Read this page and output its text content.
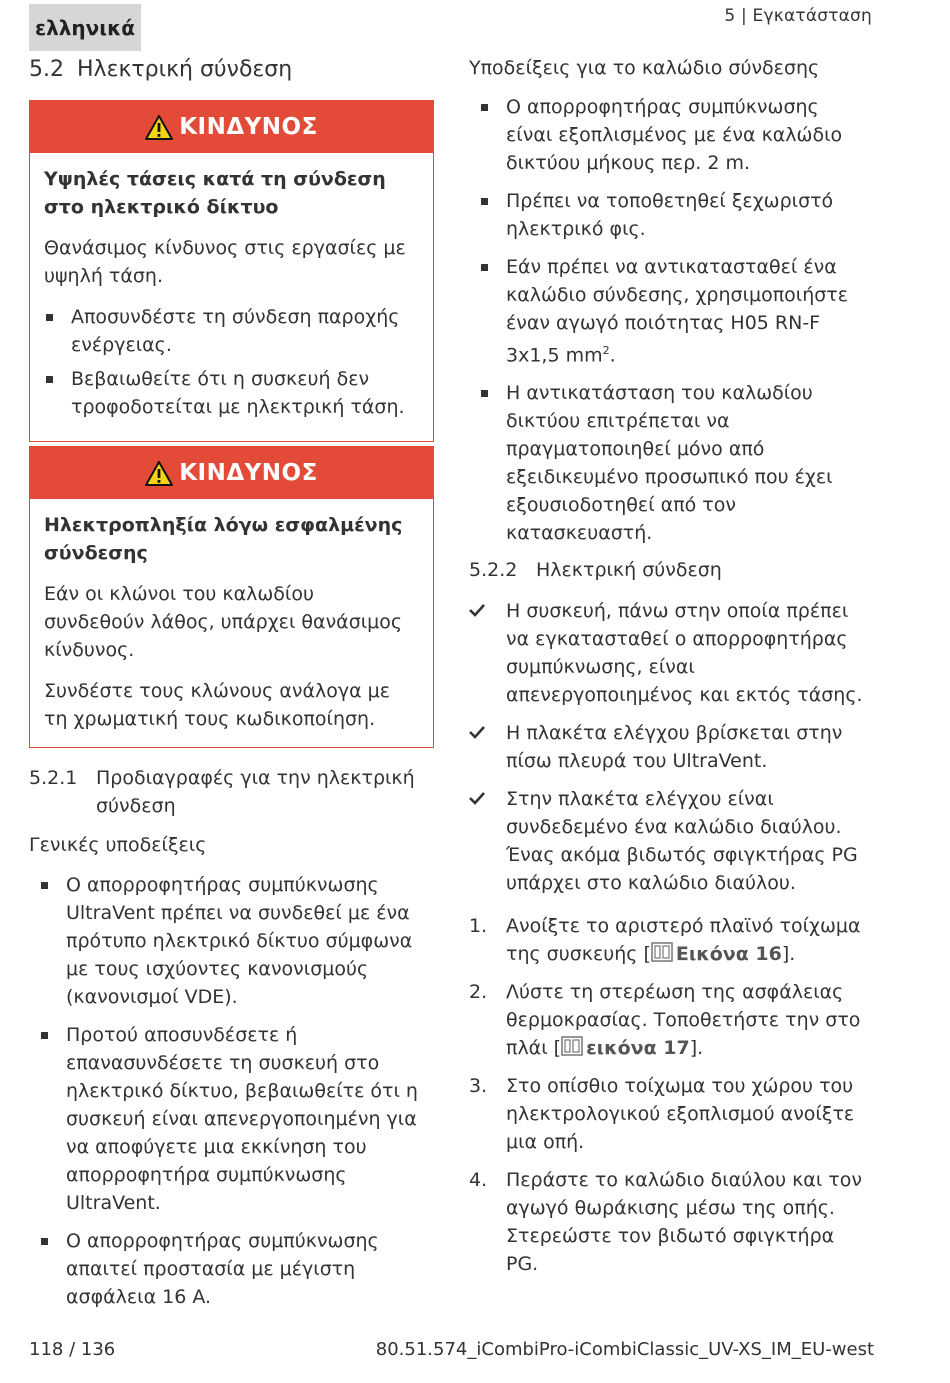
ελληνικά	5 | Εγκατάσταση
5.2 Ηλεκτρική σύνδεση
ΚΙΝΔΥΝΟΣ
Υψηλές τάσεις κατά τη σύνδεση στο ηλεκτρικό δίκτυο

Θανάσιμος κίνδυνος στις εργασίες με υψηλή τάση.

Αποσυνδέστε τη σύνδεση παροχής ενέργειας.
Βεβαιωθείτε ότι η συσκευή δεν τροφοδοτείται με ηλεκτρική τάση.
ΚΙΝΔΥΝΟΣ
Ηλεκτροπληξία λόγω εσφαλμένης σύνδεσης

Εάν οι κλώνοι του καλωδίου συνδεθούν λάθος, υπάρχει θανάσιμος κίνδυνος.

Συνδέστε τους κλώνους ανάλογα με τη χρωματική τους κωδικοποίηση.

5.2.1 Προδιαγραφές για την ηλεκτρική σύνδεση
Γενικές υποδείξεις
Ο απορροφητήρας συμπύκνωσης UltraVent πρέπει να συνδεθεί με ένα πρότυπο ηλεκτρικό δίκτυο σύμφωνα με τους ισχύοντες κανονισμούς (κανονισμοί VDE).
Προτού αποσυνδέσετε ή επανασυνδέσετε τη συσκευή στο ηλεκτρικό δίκτυο, βεβαιωθείτε ότι η συσκευή είναι απενεργοποιημένη για να αποφύγετε μια εκκίνηση του απορροφητήρα συμπύκνωσης UltraVent.
Ο απορροφητήρας συμπύκνωσης απαιτεί προστασία με μέγιστη ασφάλεια 16 A.
Υποδείξεις για το καλώδιο σύνδεσης
Ο απορροφητήρας συμπύκνωσης είναι εξοπλισμένος με ένα καλώδιο δικτύου μήκους περ. 2 m.
Πρέπει να τοποθετηθεί ξεχωριστό ηλεκτρικό φις.
Εάν πρέπει να αντικατασταθεί ένα καλώδιο σύνδεσης, χρησιμοποιήστε έναν αγωγό ποιότητας H05 RN-F 3x1,5 $mm^2$.
Η αντικατάσταση του καλωδίου δικτύου επιτρέπεται να πραγματοποιηθεί μόνο από εξειδικευμένο προσωπικό που έχει εξουσιοδοτηθεί από τον κατασκευαστή.
5.2.2 Ηλεκτρική σύνδεση
Η συσκευή, πάνω στην οποία πρέπει να εγκατασταθεί ο απορροφητήρας συμπύκνωσης, είναι απενεργοποιημένος και εκτός τάσης.
Η πλακέτα ελέγχου βρίσκεται στην πίσω πλευρά του UltraVent.
Στην πλακέτα ελέγχου είναι συνδεδεμένο ένα καλώδιο διαύλου. Ένας ακόμα βιδωτός σφιγκτήρας PG υπάρχει στο καλώδιο διαύλου.
1. Ανοίξτε το αριστερό πλαϊνό τοίχωμα της συσκευής [ Εικόνα 16].
2. Λύστε τη στερέωση της ασφάλειας θερμοκρασίας. Τοποθετήστε την στο πλάι [ εικόνα 17].
3. Στο οπίσθιο τοίχωμα του χώρου του ηλεκτρολογικού εξοπλισμού ανοίξτε μια οπή.
4. Περάστε το καλώδιο διαύλου και τον αγωγό θωράκισης μέσω της οπής. Στερεώστε τον βιδωτό σφιγκτήρα PG.
118 / 136	80.51.574_iCombiPro-iCombiClassic_UV-XS_IM_EU-west
